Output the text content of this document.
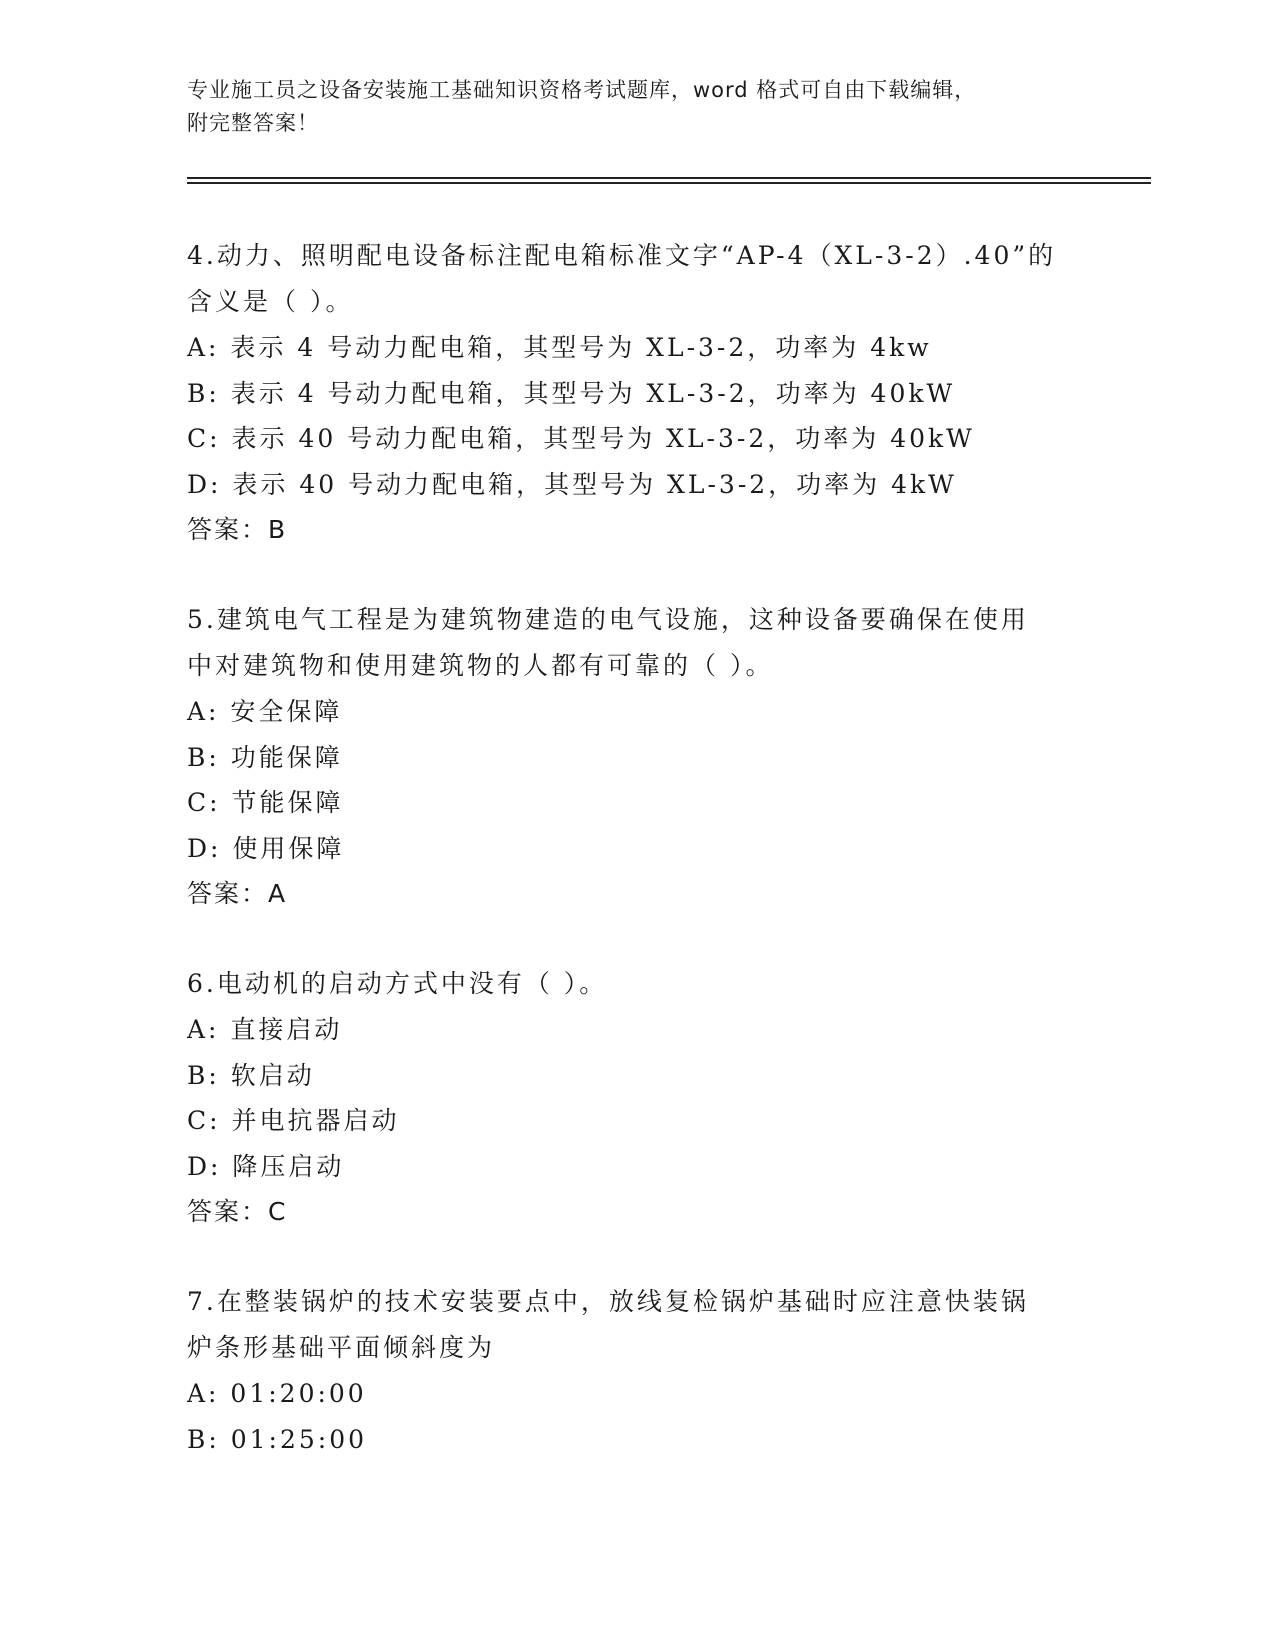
专业施工员之设备安装施工基础知识资格考试题库，word 格式可自由下载编辑，
附完整答案！
4.动力、照明配电设备标注配电箱标准文字“AP-4（XL-3-2）.40”的
含义是（ ）。
A: 表示 4 号动力配电箱，其型号为 XL-3-2，功率为 4kw
B: 表示 4 号动力配电箱，其型号为 XL-3-2，功率为 40kW
C: 表示 40 号动力配电箱，其型号为 XL-3-2，功率为 40kW
D: 表示 40 号动力配电箱，其型号为 XL-3-2，功率为 4kW
答案：B
5.建筑电气工程是为建筑物建造的电气设施，这种设备要确保在使用
中对建筑物和使用建筑物的人都有可靠的（ ）。
A: 安全保障
B: 功能保障
C: 节能保障
D: 使用保障
答案：A
6.电动机的启动方式中没有（ ）。
A: 直接启动
B: 软启动
C: 并电抗器启动
D: 降压启动
答案：C
7.在整装锅炉的技术安装要点中，放线复检锅炉基础时应注意快装锅
炉条形基础平面倾斜度为
A: 01:20:00
B: 01:25:00
